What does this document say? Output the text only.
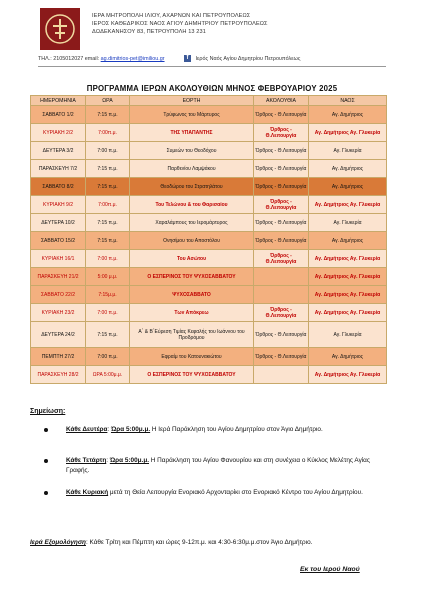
ΙΕΡΑ ΜΗΤΡΟΠΟΛΗ ΙΛΙΟΥ, ΑΧΑΡΝΩΝ ΚΑΙ ΠΕΤΡΟΥΠΟΛΕΩΣ
ΙΕΡΟΣ ΚΑΘΕΔΡΙΚΟΣ ΝΑΟΣ ΑΓΙΟΥ ΔΗΜΗΤΡΙΟΥ ΠΕΤΡΟΥΠΟΛΕΩΣ
ΔΩΔΕΚΑΝΗΣΟΥ 83, ΠΕΤΡΟΥΠΟΛΗ 13 231
ΤΗΛ.: 2105012027 email: ag.dimitrios-pet@imiliou.gr	f Ιερός Ναός Αγίου Δημητρίου Πετρουπόλεως
ΠΡΟΓΡΑΜΜΑ ΙΕΡΩΝ ΑΚΟΛΟΥΘΙΩΝ ΜΗΝΟΣ ΦΕΒΡΟΥΑΡΙΟΥ 2025
ΗΜΕΡΟΜΗΝΙΑ	ΩΡΑ	ΕΟΡΤΗ	ΑΚΟΛΟΥΘΙΑ	ΝΑΟΣ
ΣΑΒΒΑΤΟ 1/2	7:15 π.μ.	Τρύφωνος του Μάρτυρος	Όρθρος - Θ.Λειτουργία	Αγ. Δημήτριος
ΚΥΡΙΑΚΗ 2/2	7:00π.μ.	ΤΗΣ ΥΠΑΠΑΝΤΗΣ	Όρθρος - Θ.Λειτουργία	Αγ. Δημήτριος Αγ. Γλυκερία
ΔΕΥΤΕΡΑ 3/2	7:00 π.μ.	Συμεών του Θεοδόχου	Όρθρος - Θ.Λειτουργία	Αγ. Γλυκερία
ΠΑΡΑΣΚΕΥΗ 7/2	7:15 π.μ.	Παρθενίου Λαμψάκου	Όρθρος - Θ.Λειτουργία	Αγ. Δημήτριος
ΣΑΒΒΑΤΟ 8/2	7:15 π.μ.	Θεοδώρου του Στρατηλάτου	Όρθρος - Θ.Λειτουργία	Αγ. Δημήτριος
ΚΥΡΙΑΚΗ 9/2	7:00π.μ.	Του Τελώνου & του Φαρισαίου	Όρθρος - Θ.Λειτουργία	Αγ. Δημήτριος Αγ. Γλυκερία
ΔΕΥΤΕΡΑ 10/2	7:15 π.μ.	Χαραλάμπους του Ιερομάρτυρος	Όρθρος - Θ.Λειτουργία	Αγ. Γλυκερία
ΣΑΒΒΑΤΟ 15/2	7:15 π.μ.	Ονησίμου του Αποστόλου	Όρθρος - Θ.Λειτουργία	Αγ. Δημήτριος
ΚΥΡΙΑΚΗ 16/1	7:00 π.μ.	Του Ασώτου	Όρθρος - Θ.Λειτουργία	Αγ. Δημήτριος Αγ. Γλυκερία
ΠΑΡΑΣΚΕΥΗ 21/2	5:00 μ.μ.	Ο ΕΣΠΕΡΙΝΟΣ ΤΟΥ ΨΥΧΟΣΑΒΒΑΤΟΥ		Αγ. Δημήτριος Αγ. Γλυκερία
ΣΑΒΒΑΤΟ 22/2	7:15μ.μ.	ΨΥΧΟΣΑΒΒΑΤΟ		Αγ. Δημήτριος Αγ. Γλυκερία
ΚΥΡΙΑΚΗ 23/2	7:00 π.μ.	Των Απόκρεω	Όρθρος - Θ.Λειτουργία	Αγ. Δημήτριος Αγ. Γλυκερία
ΔΕΥΤΕΡΑ 24/2	7:15 π.μ.	Α΄ & Β΄Εύρεση Τιμίας Κεφαλής του Ιωάννου του Προδρόμου	Όρθρος - Θ.Λειτουργία	Αγ. Γλυκερία
ΠΕΜΠΤΗ 27/2	7:00 π.μ.	Εφραίμ του Κατουνακιώτου	Όρθρος - Θ.Λειτουργία	Αγ. Δημήτριος
ΠΑΡΑΣΚΕΥΗ 28/2	ΩΡΑ 5:00μ.μ.	Ο ΕΣΠΕΡΙΝΟΣ ΤΟΥ ΨΥΧΟΣΑΒΒΑΤΟΥ		Αγ. Δημήτριος Αγ. Γλυκερία
Σημείωση:
Κάθε Δευτέρα: Ώρα 5:00μ.μ. Η Ιερά Παράκληση του Αγίου Δημητρίου στον Άγιο Δημήτριο.
Κάθε Τετάρτη: Ώρα 5:00μ.μ. Η Παράκληση του Αγίου Φανουρίου και στη συνέχεια ο Κύκλος Μελέτης Αγίας Γραφής.
Κάθε Κυριακή μετά τη Θεία Λειτουργία Ενοριακό Αρχονταρίκι στο Ενοριακό Κέντρο του Αγίου Δημητρίου.
Ιερά Εξομολόγηση: Κάθε Τρίτη και Πέμπτη και ώρες 9-12π.μ. και 4:30-6:30μ.μ.στον Άγιο Δημήτριο.
Εκ του Ιερού Ναού
